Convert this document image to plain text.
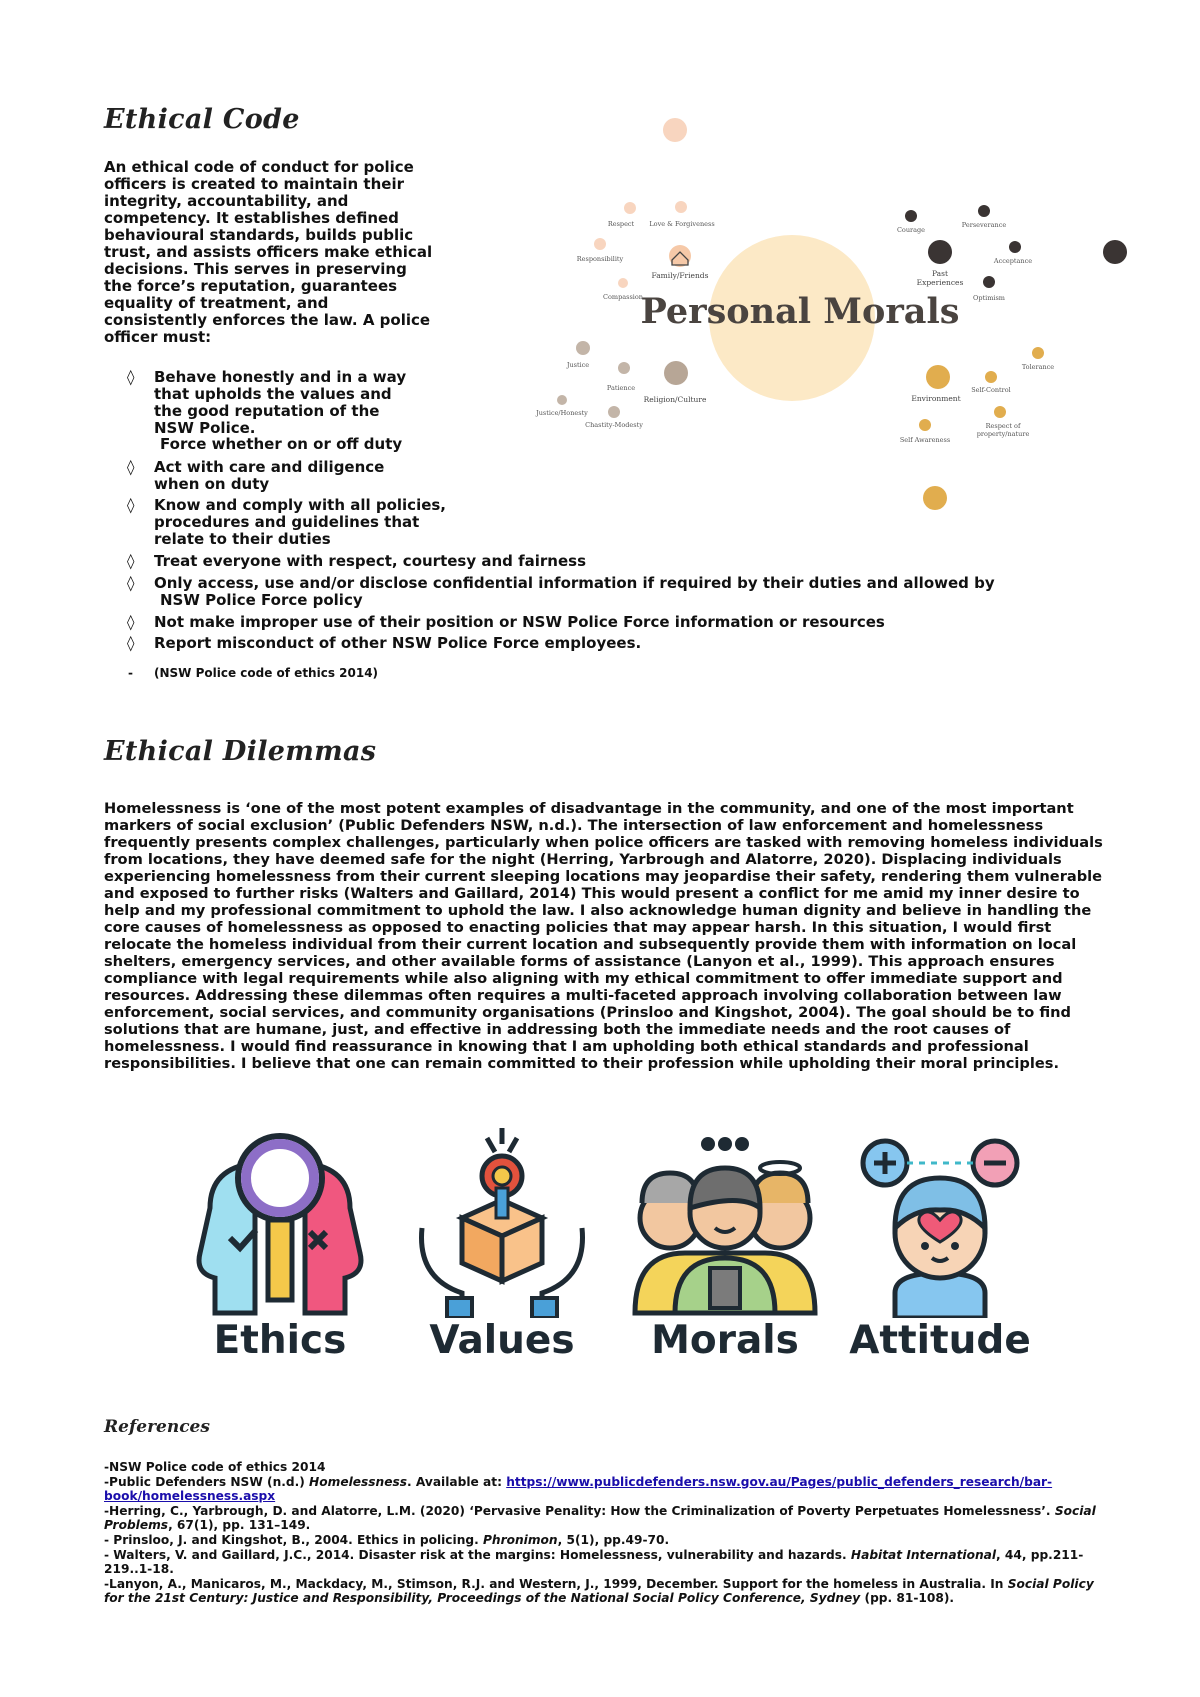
Ethical Code
An ethical code of conduct for police officers is created to maintain their integrity, accountability, and competency. It establishes defined behavioural standards, builds public trust, and assists officers make ethical decisions. This serves in preserving the force’s reputation, guarantees equality of treatment, and consistently enforces the law. A police officer must:
◊ Behave honestly and in a way that upholds the values and the good reputation of the NSW Police.
Force whether on or off duty
◊ Act with care and diligence when on duty
◊ Know and comply with all policies, procedures and guidelines that relate to their duties
◊ Treat everyone with respect, courtesy and fairness
◊ Only access, use and/or disclose confidential information if required by their duties and allowed by
NSW Police Force policy
◊ Not make improper use of their position or NSW Police Force information or resources
◊ Report misconduct of other NSW Police Force employees.
- (NSW Police code of ethics 2014)
Personal Morals
Respect Love & Forgiveness
Responsibility
Family/Friends
Compassion
Justice
Patience
Religion/Culture
Justice/Honesty
Chastity-Modesty
Courage
Perseverance
Acceptance
Past
Experiences
Optimism
Tolerance
Environment
Self-Control
Respect of
property/nature
Self Awareness
Ethical Dilemmas
Homelessness is ‘one of the most potent examples of disadvantage in the community, and one of the most important markers of social exclusion’ (Public Defenders NSW, n.d.). The intersection of law enforcement and homelessness frequently presents complex challenges, particularly when police officers are tasked with removing homeless individuals from locations, they have deemed safe for the night (Herring, Yarbrough and Alatorre, 2020). Displacing individuals experiencing homelessness from their current sleeping locations may jeopardise their safety, rendering them vulnerable and exposed to further risks (Walters and Gaillard, 2014) This would present a conflict for me amid my inner desire to help and my professional commitment to uphold the law. I also acknowledge human dignity and believe in handling the core causes of homelessness as opposed to enacting policies that may appear harsh. In this situation, I would first relocate the homeless individual from their current location and subsequently provide them with information on local shelters, emergency services, and other available forms of assistance (Lanyon et al., 1999). This approach ensures compliance with legal requirements while also aligning with my ethical commitment to offer immediate support and resources. Addressing these dilemmas often requires a multi-faceted approach involving collaboration between law enforcement, social services, and community organisations (Prinsloo and Kingshot, 2004). The goal should be to find solutions that are humane, just, and effective in addressing both the immediate needs and the root causes of homelessness. I would find reassurance in knowing that I am upholding both ethical standards and professional responsibilities. I believe that one can remain committed to their profession while upholding their moral principles.
Ethics	Values	Morals	Attitude
References
-NSW Police code of ethics 2014
-Public Defenders NSW (n.d.) Homelessness. Available at: https://www.publicdefenders.nsw.gov.au/Pages/public_defenders_research/bar-book/homelessness.aspx
-Herring, C., Yarbrough, D. and Alatorre, L.M. (2020) ‘Pervasive Penality: How the Criminalization of Poverty Perpetuates Homelessness’. Social Problems, 67(1), pp. 131–149.
- Prinsloo, J. and Kingshot, B., 2004. Ethics in policing. Phronimon, 5(1), pp.49-70.
- Walters, V. and Gaillard, J.C., 2014. Disaster risk at the margins: Homelessness, vulnerability and hazards. Habitat International, 44, pp.211-219..1-18.
-Lanyon, A., Manicaros, M., Mackdacy, M., Stimson, R.J. and Western, J., 1999, December. Support for the homeless in Australia. In Social Policy for the 21st Century: Justice and Responsibility, Proceedings of the National Social Policy Conference, Sydney (pp. 81-108).
